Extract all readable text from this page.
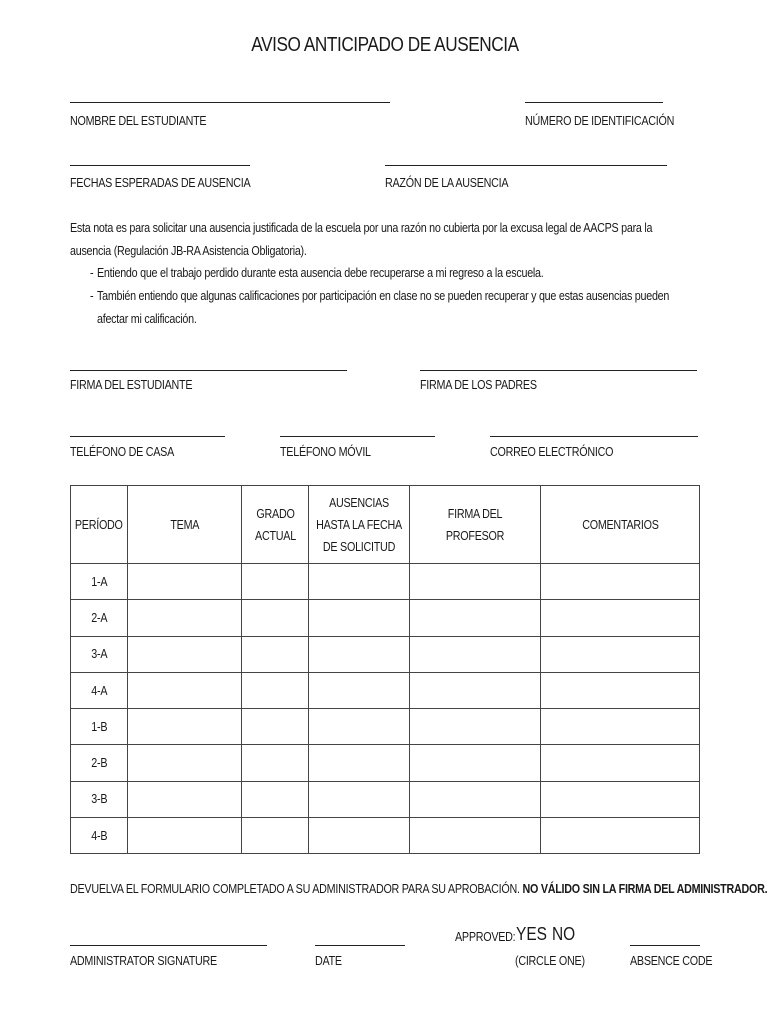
AVISO ANTICIPADO DE AUSENCIA
NOMBRE DEL ESTUDIANTE	NÚMERO DE IDENTIFICACIÓN
FECHAS ESPERADAS DE AUSENCIA	RAZÓN DE LA AUSENCIA
Esta nota es para solicitar una ausencia justificada de la escuela por una razón no cubierta por la excusa legal de AACPS para la ausencia (Regulación JB-RA Asistencia Obligatoria).
- Entiendo que el trabajo perdido durante esta ausencia debe recuperarse a mi regreso a la escuela.
- También entiendo que algunas calificaciones por participación en clase no se pueden recuperar y que estas ausencias pueden afectar mi calificación.
FIRMA DEL ESTUDIANTE	FIRMA DE LOS PADRES
TELÉFONO DE CASA	TELÉFONO MÓVIL	CORREO ELECTRÓNICO
PERÍODO	TEMA	GRADO ACTUAL	AUSENCIAS HASTA LA FECHA DE SOLICITUD	FIRMA DEL PROFESOR	COMENTARIOS
1-A					
2-A					
3-A					
4-A					
1-B					
2-B					
3-B					
4-B					
DEVUELVA EL FORMULARIO COMPLETADO A SU ADMINISTRADOR PARA SU APROBACIÓN. NO VÁLIDO SIN LA FIRMA DEL ADMINISTRADOR.
ADMINISTRATOR SIGNATURE	DATE
APPROVED: YES NO
(CIRCLE ONE)	ABSENCE CODE
